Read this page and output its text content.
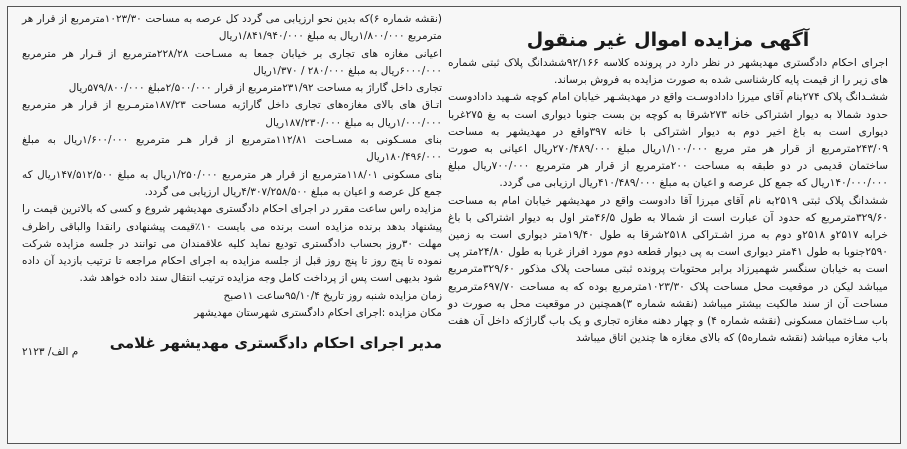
آگهی مزایده اموال غیر منقول

اجرای احکام دادگستری مهدیشهر در نظر دارد در پرونده کلاسه ۹۲/۱۶۶ششدانگ پلاک ثبتی شماره های زیر را از قیمت پایه کارشناسی شده به صورت مزایده به فروش برساند.

ششـدانگ پلاک ۲۷۴بنام آقای میرزا دادادوسـت واقع در مهدیشـهر خیابان امام کوچه شـهید دادادوست حدود شمالا به دیوار اشتراکی خانه ۲۷۳شرقا به کوچه بن بست جنوبا دیواری است به بغ ۲۷۵غربا دیواری است به باغ اخیر دوم به دیوار اشتراکی با خانه ۳۹۷واقع در مهدیشهر به مساحت ۲۴۳/۰۹مترمربع از قرار هر متر مربع ۱/۱۰۰/۰۰۰ریال مبلغ ۲۷۰/۴۸۹/۰۰۰ریال اعیانی به صورت ساختمان قدیمی در دو طبقه به مساحت ۲۰۰مترمربع از قرار هر مترمربع ۷۰۰/۰۰۰ریال مبلغ ۱۴۰/۰۰۰/۰۰۰ریال که جمع کل عرصه و اعیان به مبلغ ۴۱۰/۴۸۹/۰۰۰ریال ارزیابی می گردد.

ششدانگ پلاک ثبتی ۲۵۱۹به نام آقای میرزا آقا دادوست واقع در مهدیشهر خیابان امام به مساحت ۳۲۹/۶۰مترمربع که حدود آن عبارت است از شمالا به طول ۴۶/۵متر اول به دیوار اشتراکی با باغ خرابه ۲۵۱۷و ۲۵۱۸و دوم به مرز اشـتراکی ۲۵۱۸شرقا به طول ۱۹/۴۰متر دیواری است به زمین ۲۵۹۰جنوبا به طول ۴۱متر دیواری است به پی دیوار قطعه دوم مورد افراز غربا به طول ۲۴/۸۰متر پی است به خیابان سنگسر شهمیرزاد برابر محتویات پرونده ثبتی مساحت پلاک مذکور ۳۲۹/۶۰مترمربع میباشد لیکن در موقعیت محل مساحت پلاک ۱۰۲۳/۳۰مترمربع بوده که به مساحت ۶۹۷/۷۰مترمربع مساحت آن از سند مالکیت بیشتر میباشد (نقشه شماره ۳)همچنین در موقعیت محل به صورت دو باب سـاختمان مسکونی (نقشه شماره ۴) و چهار دهنه مغازه تجاری و یک باب گاراژکه داخل آن هفت باب مغازه میباشد (نقشه شماره۵) که بالای مغازه ها چندین اتاق میباشد

(نقشه شماره ۶)که بدین نحو ارزیابی می گردد کل عرصه به مساحت ۱۰۲۳/۳۰مترمربع از قرار هر مترمربع ۱/۸۰۰/۰۰۰ریال به مبلغ ۱/۸۴۱/۹۴۰/۰۰۰ریال

اعیانی مغازه های تجاری بر خیابان جمعا به مسـاحت ۲۲۸/۲۸مترمربع از قـرار هر مترمربع ۶۰۰۰/۰۰۰ریال به مبلغ ۲۸۰/۰۰۰ / ۱/۳۷۰ریال

تجاری داخل گاراژ به مساحت ۲۳۱/۹۲مترمربع از قرار ۲/۵۰۰/۰۰۰مبلغ ۵۷۹/۸۰۰/۰۰۰ریال

اتـاق های بالای مغازه‌های تجاری داخل گاراژبه مساحت ۱۸۷/۲۳مترمـربع از قرار هر مترمربع ۱/۰۰۰/۰۰۰ریال به مبلغ ۱۸۷/۲۳۰/۰۰۰ریال

بنای مسـکونی به مسـاحت ۱۱۲/۸۱مترمربع از قرار هـر مترمربع ۱/۶۰۰/۰۰۰ریال به مبلغ ۱۸۰/۴۹۶/۰۰۰ریال

بنای مسکونی ۱۱۸/۰۱مترمربع از قرار هر مترمربع ۱/۲۵۰/۰۰۰ریال به مبلغ ۱۴۷/۵۱۲/۵۰۰ریال که جمع کل عرصه و اعیان به مبلغ ۴/۳۰۷/۲۵۸/۵۰۰ریال ارزیابی می گردد.

مزایده راس ساعت مقرر در اجرای احکام دادگستری مهدیشهر شروع و کسی که بالاترین قیمت را پیشنهاد بدهد برنده مزایده است برنده می بایست ۱۰٪قیمت پیشنهادی رانقدا والباقی راظرف مهلت ۳۰روز بحساب دادگستری تودیع نماید کلیه علاقمندان می توانند در جلسه مزایده شرکت نموده تا پنج روز تا پنج روز قبل از جلسه مزایده به اجرای احکام مراجعه تا ترتیب بازدید آن داده شود بدیهی است پس از پرداخت کامل وجه مزایده ترتیب انتقال سند داده خواهد شد.

زمان مزایده شنبه روز تاریخ ۹۵/۱۰/۴ساعت ۱۱صبح

مکان مزایده :اجرای احکام دادگستری شهرستان مهدیشهر

مدیر اجرای احکام دادگستری مهدیشهر غلامی
م الف/ ۲۱۲۳
